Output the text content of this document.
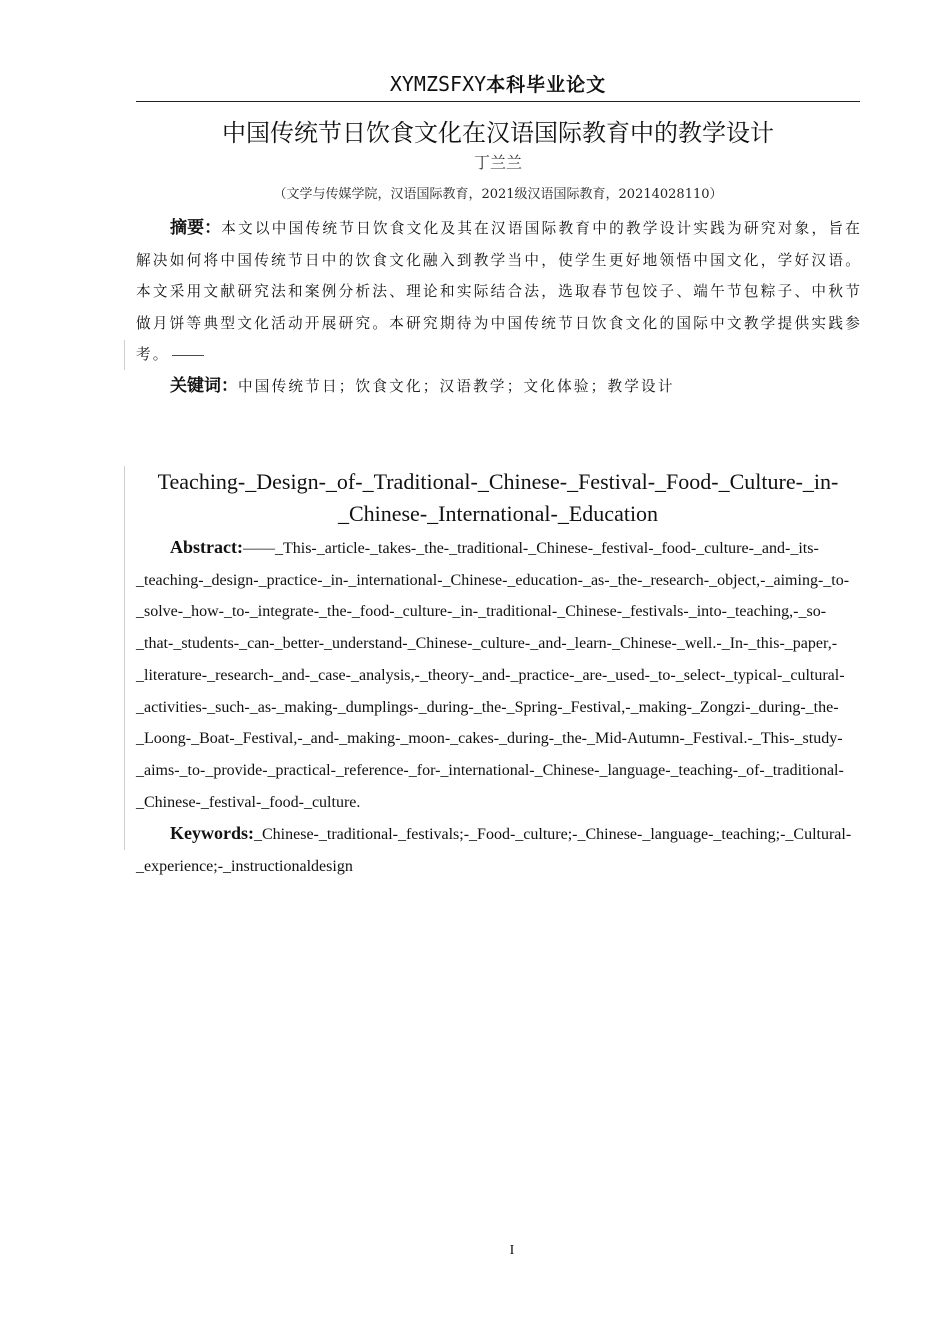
XYMZSFXY本科毕业论文
中国传统节日饮食文化在汉语国际教育中的教学设计
丁兰兰
（文学与传媒学院，汉语国际教育，2021级汉语国际教育，20214028110）

摘要：本文以中国传统节日饮食文化及其在汉语国际教育中的教学设计实践为研究对象，旨在解决如何将中国传统节日中的饮食文化融入到教学当中，使学生更好地领悟中国文化，学好汉语。本文采用文献研究法和案例分析法、理论和实际结合法，选取春节包饺子、端午节包粽子、中秋节做月饼等典型文化活动开展研究。本研究期待为中国传统节日饮食文化的国际中文教学提供实践参考。

关键词：中国传统节日；饮食文化；汉语教学；文化体验；教学设计

Teaching-_Design-_of-_Traditional-_Chinese-_Festival-_Food-_Culture-_in-_Chinese-_International-_Education

Abstract:——_This-_article-_takes-_the-_traditional-_Chinese-_festival-_food-_culture-_and-_its-_teaching-_design-_practice-_in-_international-_Chinese-_education-_as-_the-_research-_object,-_aiming-_to-_solve-_how-_to-_integrate-_the-_food-_culture-_in-_traditional-_Chinese-_festivals-_into-_teaching,-_so-_that-_students-_can-_better-_understand-_Chinese-_culture-_and-_learn-_Chinese-_well.-_In-_this-_paper,-_literature-_research-_and-_case-_analysis,-_theory-_and-_practice-_are-_used-_to-_select-_typical-_cultural-_activities-_such-_as-_making-_dumplings-_during-_the-_Spring-_Festival,-_making-_Zongzi-_during-_the-_Loong-_Boat-_Festival,-_and-_making-_moon-_cakes-_during-_the-_Mid-Autumn-_Festival.-_This-_study-_aims-_to-_provide-_practical-_reference-_for-_international-_Chinese-_language-_teaching-_of-_traditional-_Chinese-_festival-_food-_culture.

Keywords:_Chinese-_traditional-_festivals;-_Food-_culture;-_Chinese-_language-_teaching;-_Cultural-_experience;-_instructionaldesign

I
